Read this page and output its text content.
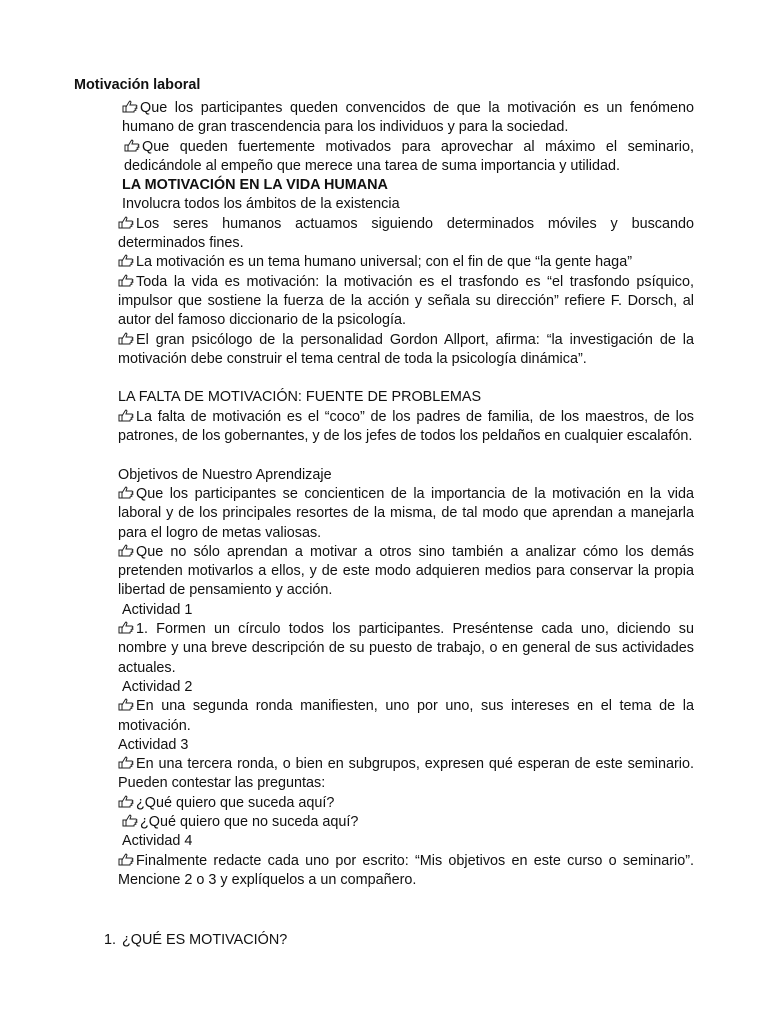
Motivación laboral

Que los participantes queden convencidos de que la motivación es un fenómeno humano de gran trascendencia para los individuos y para la sociedad.

Que queden fuertemente motivados para aprovechar al máximo el seminario, dedicándole al empeño que merece una tarea de suma importancia y utilidad.

LA MOTIVACIÓN EN LA VIDA HUMANA

Involucra todos los ámbitos de la existencia

Los seres humanos actuamos siguiendo determinados móviles y buscando determinados fines.

La motivación es un tema humano universal; con el fin de que “la gente haga”

Toda la vida es motivación: la motivación es el trasfondo es “el trasfondo psíquico, impulsor que sostiene la fuerza de la acción y señala su dirección” refiere F. Dorsch, al autor del famoso diccionario de la psicología.

El gran psicólogo de la personalidad Gordon Allport, afirma: “la investigación de la motivación debe construir el tema central de toda la psicología dinámica”.

LA FALTA DE MOTIVACIÓN: FUENTE DE PROBLEMAS

La falta de motivación es el “coco” de los padres de familia, de los maestros, de los patrones, de los gobernantes, y de los jefes de todos los peldaños en cualquier escalafón.

Objetivos de Nuestro Aprendizaje

Que los participantes se concienticen de la importancia de la motivación en la vida laboral y de los principales resortes de la misma, de tal modo que aprendan a manejarla para el logro de metas valiosas.

Que no sólo aprendan a motivar a otros sino también a analizar cómo los demás pretenden motivarlos a ellos, y de este modo adquieren medios para conservar la propia libertad de pensamiento y acción.

Actividad 1

1. Formen un círculo todos los participantes. Preséntense cada uno, diciendo su nombre y una breve descripción de su puesto de trabajo, o en general de sus actividades actuales.

Actividad 2

En una segunda ronda manifiesten, uno por uno, sus intereses en el tema de la motivación.

Actividad 3

En una tercera ronda, o bien en subgrupos, expresen qué esperan de este seminario. Pueden contestar las preguntas:

¿Qué quiero que suceda aquí?

¿Qué quiero que no suceda aquí?

Actividad 4

Finalmente redacte cada uno por escrito: “Mis objetivos en este curso o seminario”. Mencione 2 o 3 y explíquelos a un compañero.

1. ¿QUÉ ES MOTIVACIÓN?
